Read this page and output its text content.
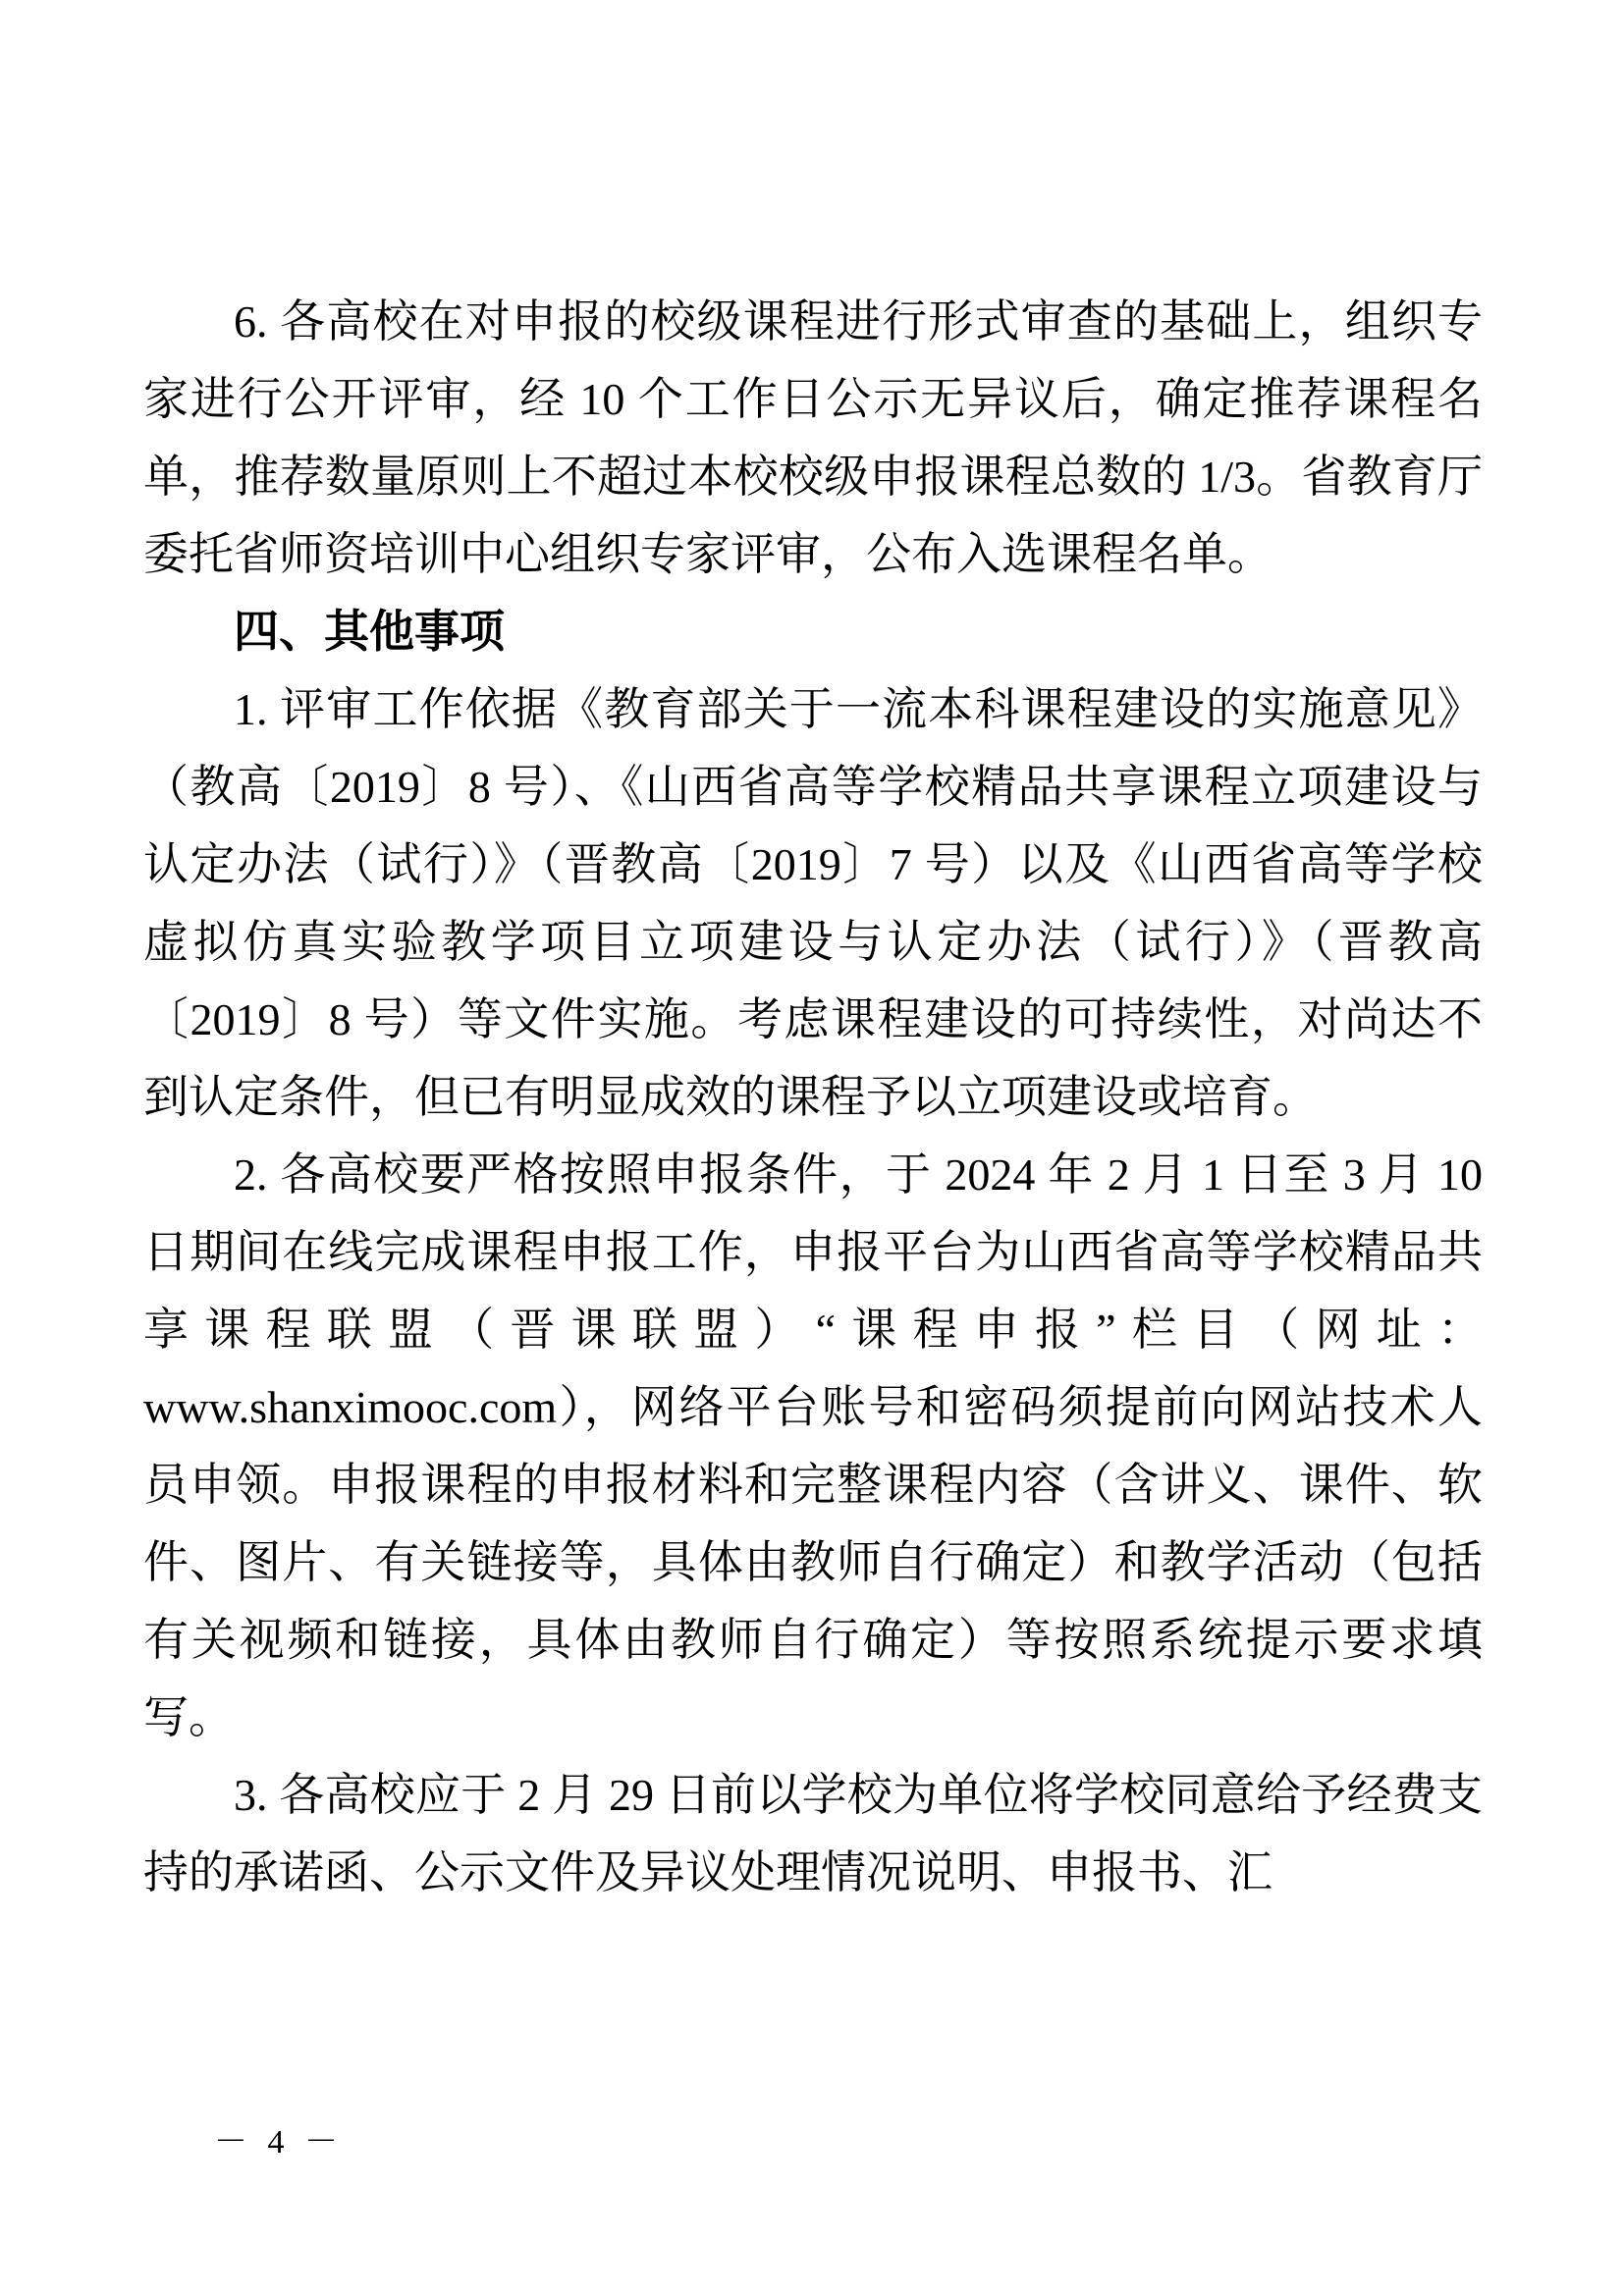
6. 各高校在对申报的校级课程进行形式审查的基础上，组织专家进行公开评审，经 10 个工作日公示无异议后，确定推荐课程名单，推荐数量原则上不超过本校校级申报课程总数的 1/3。省教育厅委托省师资培训中心组织专家评审，公布入选课程名单。

四、其他事项

1. 评审工作依据《教育部关于一流本科课程建设的实施意见》（教高〔2019〕8 号）、《山西省高等学校精品共享课程立项建设与认定办法（试行）》（晋教高〔2019〕7 号）以及《山西省高等学校虚拟仿真实验教学项目立项建设与认定办法（试行）》（晋教高〔2019〕8 号）等文件实施。考虑课程建设的可持续性，对尚达不到认定条件，但已有明显成效的课程予以立项建设或培育。

2. 各高校要严格按照申报条件，于 2024 年 2 月 1 日至 3 月 10 日期间在线完成课程申报工作，申报平台为山西省高等学校精品共享课程联盟（晋课联盟）“课程申报”栏目（网址：www.shanximooc.com），网络平台账号和密码须提前向网站技术人员申领。申报课程的申报材料和完整课程内容（含讲义、课件、软件、图片、有关链接等，具体由教师自行确定）和教学活动（包括有关视频和链接，具体由教师自行确定）等按照系统提示要求填写。

3. 各高校应于 2 月 29 日前以学校为单位将学校同意给予经费支持的承诺函、公示文件及异议处理情况说明、申报书、汇

－ 4 －
